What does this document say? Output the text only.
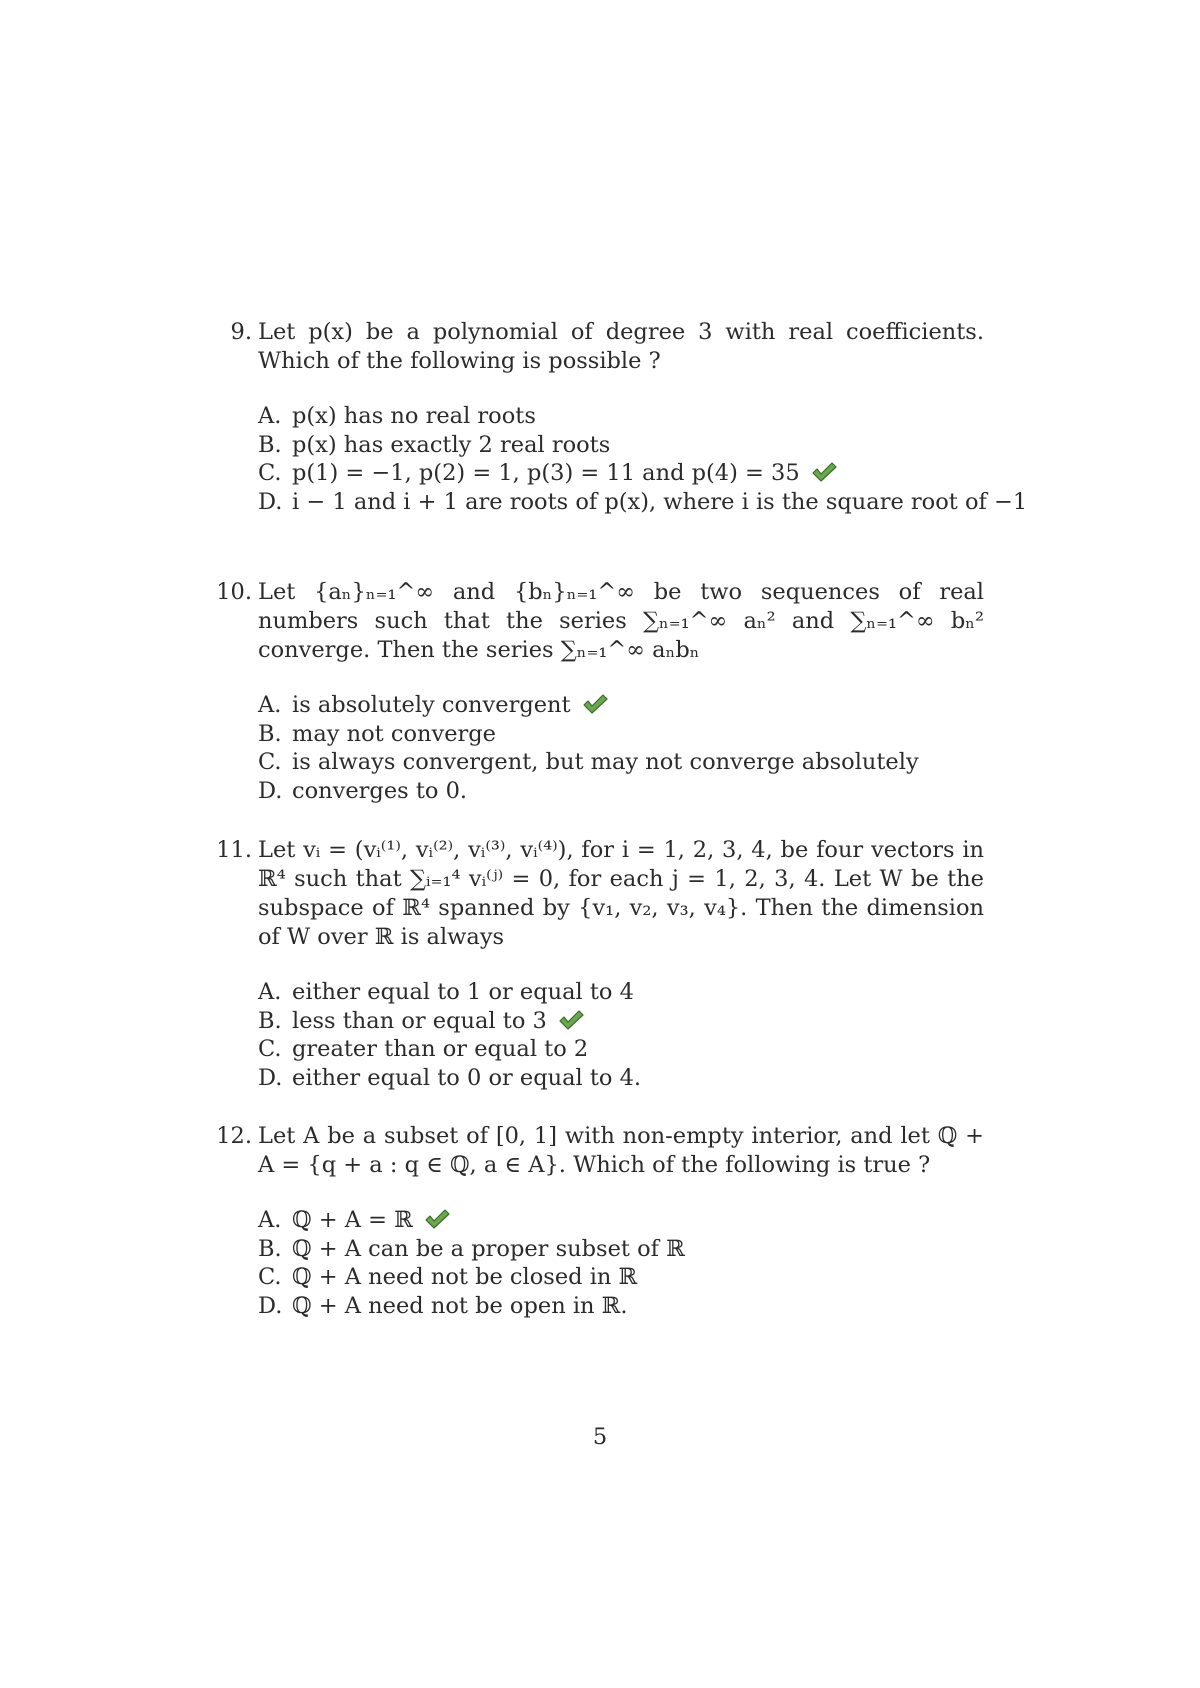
9. Let p(x) be a polynomial of degree 3 with real coefficients. Which of the following is possible ?
A. p(x) has no real roots
B. p(x) has exactly 2 real roots
C. p(1) = −1, p(2) = 1, p(3) = 11 and p(4) = 35
D. i − 1 and i + 1 are roots of p(x), where i is the square root of −1
10. Let {aₙ}ₙ₌₁^∞ and {bₙ}ₙ₌₁^∞ be two sequences of real numbers such that the series ∑ₙ₌₁^∞ aₙ² and ∑ₙ₌₁^∞ bₙ² converge. Then the series ∑ₙ₌₁^∞ aₙbₙ
A. is absolutely convergent
B. may not converge
C. is always convergent, but may not converge absolutely
D. converges to 0.
11. Let vᵢ = (vᵢ⁽¹⁾, vᵢ⁽²⁾, vᵢ⁽³⁾, vᵢ⁽⁴⁾), for i = 1, 2, 3, 4, be four vectors in ℝ⁴ such that ∑ᵢ₌₁⁴ vᵢ⁽ʲ⁾ = 0, for each j = 1, 2, 3, 4. Let W be the subspace of ℝ⁴ spanned by {v₁, v₂, v₃, v₄}. Then the dimension of W over ℝ is always
A. either equal to 1 or equal to 4
B. less than or equal to 3
C. greater than or equal to 2
D. either equal to 0 or equal to 4.
12. Let A be a subset of [0, 1] with non-empty interior, and let ℚ + A = {q + a : q ∈ ℚ, a ∈ A}. Which of the following is true ?
A. ℚ + A = ℝ
B. ℚ + A can be a proper subset of ℝ
C. ℚ + A need not be closed in ℝ
D. ℚ + A need not be open in ℝ.
5
